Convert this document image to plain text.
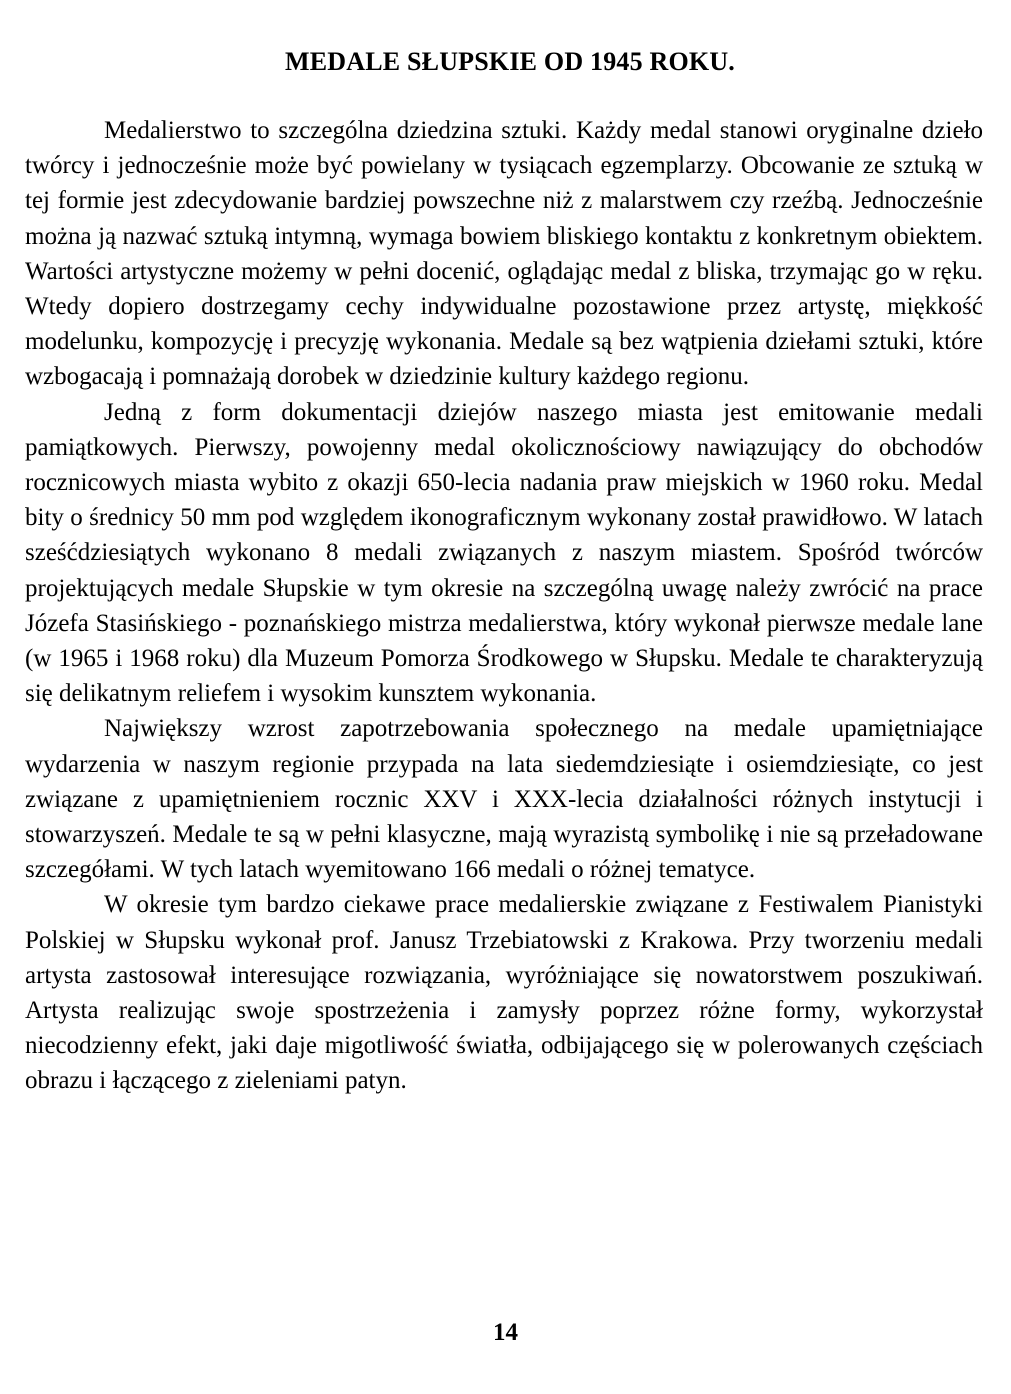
MEDALE SŁUPSKIE OD 1945 ROKU.

Medalierstwo to szczególna dziedzina sztuki. Każdy medal stanowi oryginalne dzieło twórcy i jednocześnie może być powielany w tysiącach egzemplarzy. Obcowanie ze sztuką w tej formie jest zdecydowanie bardziej powszechne niż z malarstwem czy rzeźbą. Jednocześnie można ją nazwać sztuką intymną, wymaga bowiem bliskiego kontaktu z konkretnym obiektem. Wartości artystyczne możemy w pełni docenić, oglądając medal z bliska, trzymając go w ręku. Wtedy dopiero dostrzegamy cechy indywidualne pozostawione przez artystę, miękkość modelunku, kompozycję i precyzję wykonania. Medale są bez wątpienia dziełami sztuki, które wzbogacają i pomnażają dorobek w dziedzinie kultury każdego regionu.

Jedną z form dokumentacji dziejów naszego miasta jest emitowanie medali pamiątkowych. Pierwszy, powojenny medal okolicznościowy nawiązujący do obchodów rocznicowych miasta wybito z okazji 650-lecia nadania praw miejskich w 1960 roku. Medal bity o średnicy 50 mm pod względem ikonograficznym wykonany został prawidłowo. W latach sześćdziesiątych wykonano 8 medali związanych z naszym miastem. Spośród twórców projektujących medale Słupskie w tym okresie na szczególną uwagę należy zwrócić na prace Józefa Stasińskiego - poznańskiego mistrza medalierstwa, który wykonał pierwsze medale lane (w 1965 i 1968 roku) dla Muzeum Pomorza Środkowego w Słupsku. Medale te charakteryzują się delikatnym reliefem i wysokim kunsztem wykonania.

Największy wzrost zapotrzebowania społecznego na medale upamiętniające wydarzenia w naszym regionie przypada na lata siedemdziesiąte i osiemdziesiąte, co jest związane z upamiętnieniem rocznic XXV i XXX-lecia działalności różnych instytucji i stowarzyszeń. Medale te są w pełni klasyczne, mają wyrazistą symbolikę i nie są przeładowane szczegółami. W tych latach wyemitowano 166 medali o różnej tematyce.

W okresie tym bardzo ciekawe prace medalierskie związane z Festiwalem Pianistyki Polskiej w Słupsku wykonał prof. Janusz Trzebiatowski z Krakowa. Przy tworzeniu medali artysta zastosował interesujące rozwiązania, wyróżniające się nowatorstwem poszukiwań. Artysta realizując swoje spostrzeżenia i zamysły poprzez różne formy, wykorzystał niecodzienny efekt, jaki daje migotliwość światła, odbijającego się w polerowanych częściach obrazu i łączącego z zieleniami patyn.

14
